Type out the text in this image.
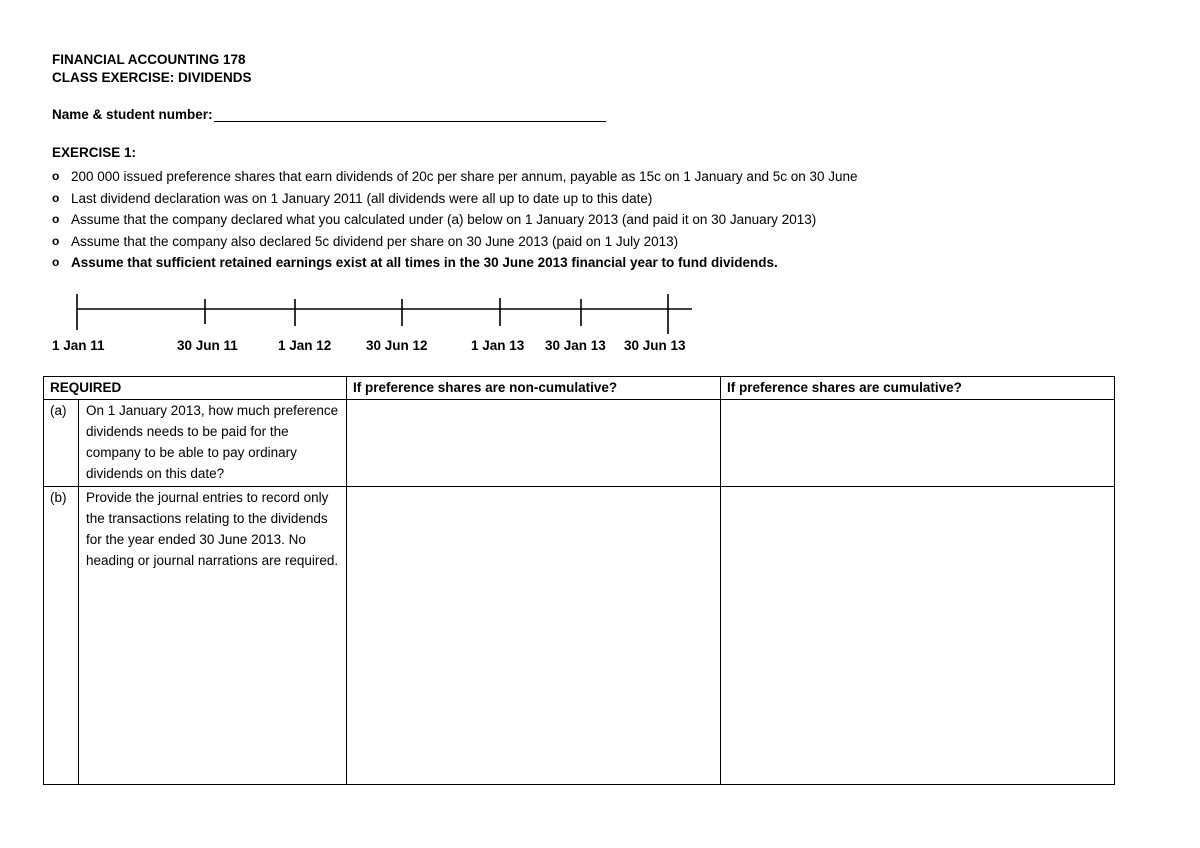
FINANCIAL ACCOUNTING 178
CLASS EXERCISE: DIVIDENDS
Name & student number:
EXERCISE 1:
o 200 000 issued preference shares that earn dividends of 20c per share per annum, payable as 15c on 1 January and 5c on 30 June
o Last dividend declaration was on 1 January 2011 (all dividends were all up to date up to this date)
o Assume that the company declared what you calculated under (a) below on 1 January 2013 (and paid it on 30 January 2013)
o Assume that the company also declared 5c dividend per share on 30 June 2013 (paid on 1 July 2013)
o Assume that sufficient retained earnings exist at all times in the 30 June 2013 financial year to fund dividends.
1 Jan 11	30 Jun 11	1 Jan 12	30 Jun 12	1 Jan 13 30 Jan 13 30 Jun 13
REQUIRED		If preference shares are non-cumulative?	If preference shares are cumulative?
(a)	On 1 January 2013, how much preference dividends needs to be paid for the company to be able to pay ordinary dividends on this date?		
(b)	Provide the journal entries to record only the transactions relating to the dividends for the year ended 30 June 2013. No heading or journal narrations are required.		
